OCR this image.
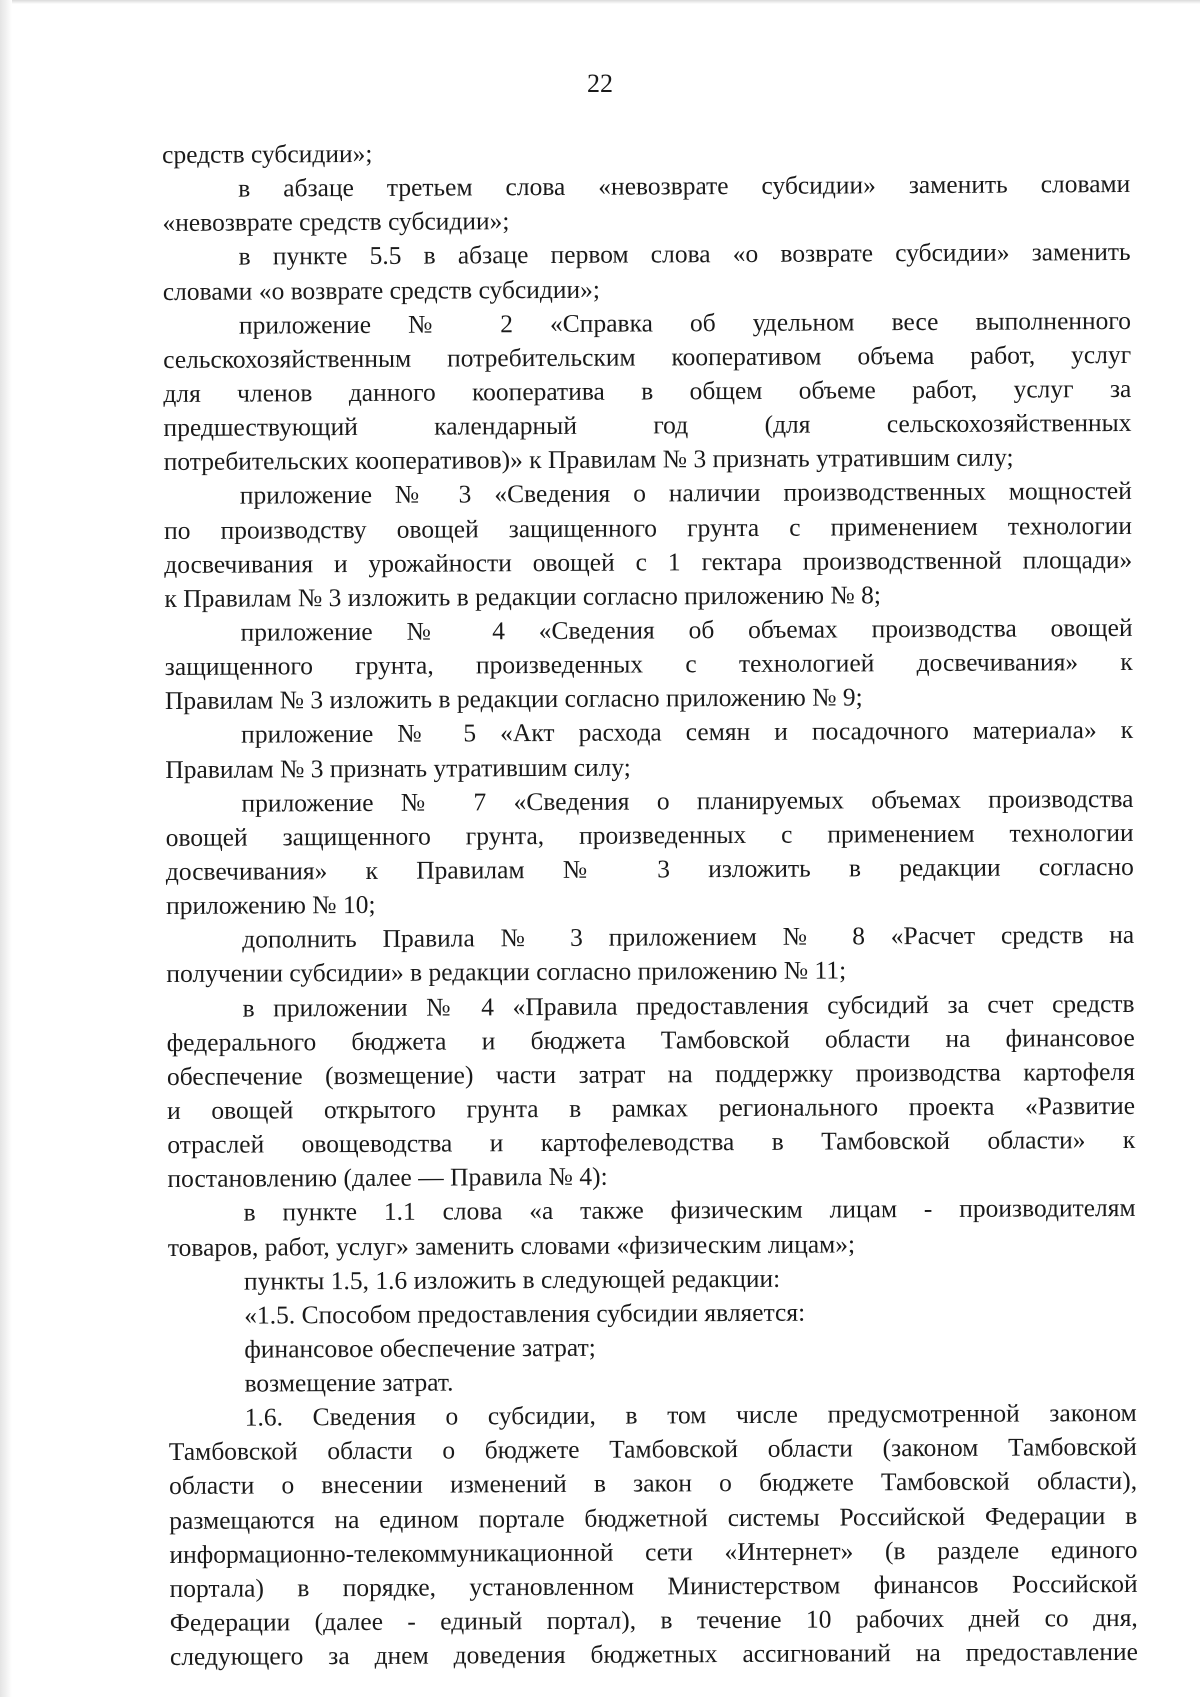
22
средств субсидии»;
в абзаце третьем слова «невозврате субсидии» заменить словами
«невозврате средств субсидии»;
в пункте 5.5 в абзаце первом слова «о возврате субсидии» заменить
словами «о возврате средств субсидии»;
приложение № 2 «Справка об удельном весе выполненного
сельскохозяйственным потребительским кооперативом объема работ, услуг
для членов данного кооператива в общем объеме работ, услуг за
предшествующий календарный год (для сельскохозяйственных
потребительских кооперативов)» к Правилам № 3 признать утратившим силу;
приложение № 3 «Сведения о наличии производственных мощностей
по производству овощей защищенного грунта с применением технологии
досвечивания и урожайности овощей с 1 гектара производственной площади»
к Правилам № 3 изложить в редакции согласно приложению № 8;
приложение № 4 «Сведения об объемах производства овощей
защищенного грунта, произведенных с технологией досвечивания» к
Правилам № 3 изложить в редакции согласно приложению № 9;
приложение № 5 «Акт расхода семян и посадочного материала» к
Правилам № 3 признать утратившим силу;
приложение № 7 «Сведения о планируемых объемах производства
овощей защищенного грунта, произведенных с применением технологии
досвечивания» к Правилам № 3 изложить в редакции согласно
приложению № 10;
дополнить Правила № 3 приложением № 8 «Расчет средств на
получении субсидии» в редакции согласно приложению № 11;
в приложении № 4 «Правила предоставления субсидий за счет средств
федерального бюджета и бюджета Тамбовской области на финансовое
обеспечение (возмещение) части затрат на поддержку производства картофеля
и овощей открытого грунта в рамках регионального проекта «Развитие
отраслей овощеводства и картофелеводства в Тамбовской области» к
постановлению (далее — Правила № 4):
в пункте 1.1 слова «а также физическим лицам - производителям
товаров, работ, услуг» заменить словами «физическим лицам»;
пункты 1.5, 1.6 изложить в следующей редакции:
«1.5. Способом предоставления субсидии является:
финансовое обеспечение затрат;
возмещение затрат.
1.6. Сведения о субсидии, в том числе предусмотренной законом
Тамбовской области о бюджете Тамбовской области (законом Тамбовской
области о внесении изменений в закон о бюджете Тамбовской области),
размещаются на едином портале бюджетной системы Российской Федерации в
информационно-телекоммуникационной сети «Интернет» (в разделе единого
портала) в порядке, установленном Министерством финансов Российской
Федерации (далее - единый портал), в течение 10 рабочих дней со дня,
следующего за днем доведения бюджетных ассигнований на предоставление
